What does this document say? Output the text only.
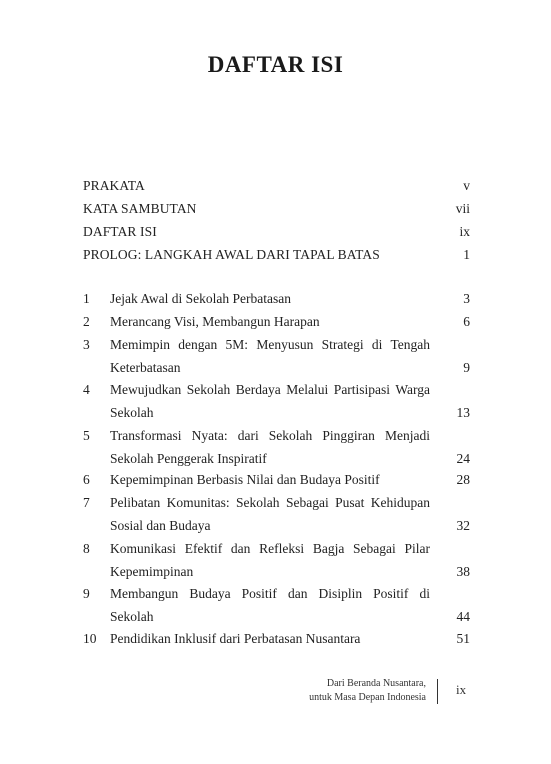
DAFTAR ISI
PRAKATA	v
KATA SAMBUTAN	vii
DAFTAR ISI	ix
PROLOG: LANGKAH AWAL DARI TAPAL BATAS	1
1 Jejak Awal di Sekolah Perbatasan	3
2 Merancang Visi, Membangun Harapan	6
3 Memimpin dengan 5M: Menyusun Strategi di Tengah Keterbatasan	9
4 Mewujudkan Sekolah Berdaya Melalui Partisipasi Warga Sekolah	13
5 Transformasi Nyata: dari Sekolah Pinggiran Menjadi Sekolah Penggerak Inspiratif	24
6 Kepemimpinan Berbasis Nilai dan Budaya Positif	28
7 Pelibatan Komunitas: Sekolah Sebagai Pusat Kehidupan Sosial dan Budaya	32
8 Komunikasi Efektif dan Refleksi Bagja Sebagai Pilar Kepemimpinan	38
9 Membangun Budaya Positif dan Disiplin Positif di Sekolah	44
10 Pendidikan Inklusif dari Perbatasan Nusantara	51
Dari Beranda Nusantara,
untuk Masa Depan Indonesia
ix
